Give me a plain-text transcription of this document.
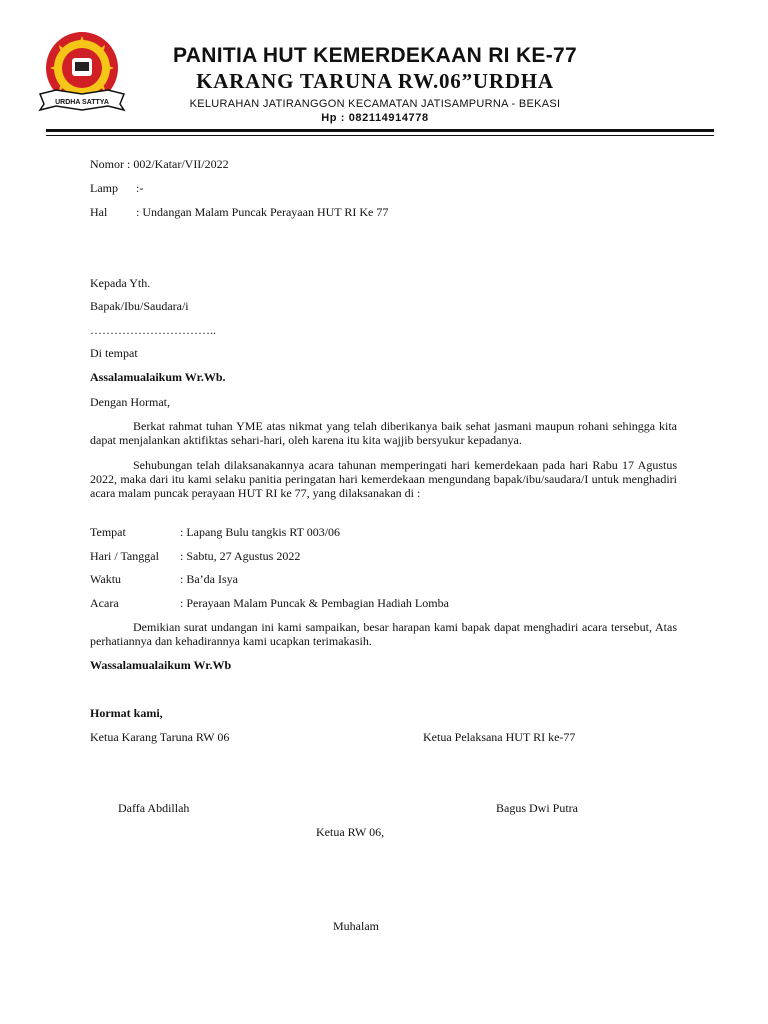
URDHA SATTYA
PANITIA HUT KEMERDEKAAN RI KE-77
KARANG TARUNA RW.06”URDHA
KELURAHAN JATIRANGGON KECAMATAN JATISAMPURNA - BEKASI
Hp : 082114914778
Nomor : 002/Katar/VII/2022
Lamp :-
Hal : Undangan Malam Puncak Perayaan HUT RI Ke 77
Kepada Yth.
Bapak/Ibu/Saudara/i
…………………………..
Di tempat
Assalamualaikum Wr.Wb.
Dengan Hormat,
Berkat rahmat tuhan YME atas nikmat yang telah diberikanya baik sehat jasmani maupun rohani sehingga kita dapat menjalankan aktifiktas sehari-hari, oleh karena itu kita wajjib bersyukur kepadanya.
Sehubungan telah dilaksanakannya acara tahunan memperingati hari kemerdekaan pada hari Rabu 17 Agustus 2022, maka dari itu kami selaku panitia peringatan hari kemerdekaan mengundang bapak/ibu/saudara/I untuk menghadiri acara malam puncak perayaan HUT RI ke 77, yang dilaksanakan di :
Tempat	: Lapang Bulu tangkis RT 003/06
Hari / Tanggal : Sabtu, 27 Agustus 2022
Waktu	: Ba’da Isya
Acara	: Perayaan Malam Puncak & Pembagian Hadiah Lomba
Demikian surat undangan ini kami sampaikan, besar harapan kami bapak dapat menghadiri acara tersebut, Atas perhatiannya dan kehadirannya kami ucapkan terimakasih.
Wassalamualaikum Wr.Wb
Hormat kami,
Ketua Karang Taruna RW 06	Ketua Pelaksana HUT RI ke-77
Daffa Abdillah	Bagus Dwi Putra
Ketua RW 06,
Muhalam
